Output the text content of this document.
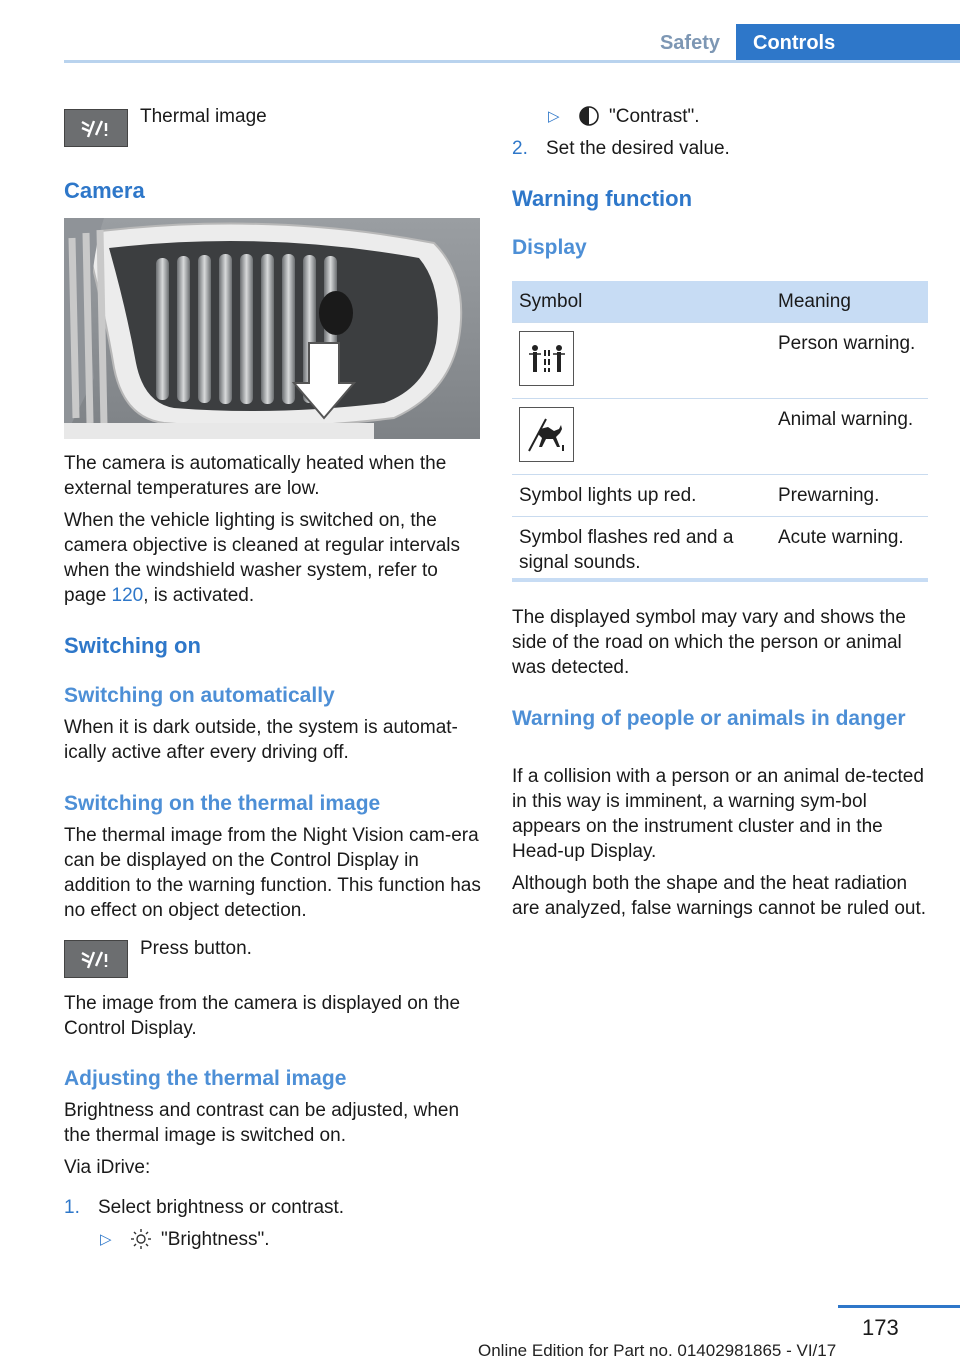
Safety	Controls
Thermal image
Camera

The camera is automatically heated when the external temperatures are low.

When the vehicle lighting is switched on, the camera objective is cleaned at regular intervals when the windshield washer system, refer to page 120, is activated.

Switching on
Switching on automatically

When it is dark outside, the system is automat-ically active after every driving off.

Switching on the thermal image

The thermal image from the Night Vision cam-era can be displayed on the Control Display in addition to the warning function. This function has no effect on object detection.

Press button.

The image from the camera is displayed on the Control Display.

Adjusting the thermal image

Brightness and contrast can be adjusted, when the thermal image is switched on.

Via iDrive:

1. Select brightness or contrast.
▷	"Brightness".
▷	"Contrast".
2. Set the desired value.
Warning function
Display
Symbol	Meaning

	Person warning.

	Animal warning.
Symbol lights up red.	Prewarning.
Symbol flashes red and a signal sounds.	Acute warning.

The displayed symbol may vary and shows the side of the road on which the person or animal was detected.

Warning of people or animals in danger

If a collision with a person or an animal de-tected in this way is imminent, a warning sym-bol appears on the instrument cluster and in the Head-up Display.

Although both the shape and the heat radiation are analyzed, false warnings cannot be ruled out.

173
Online Edition for Part no. 01402981865 - VI/17
